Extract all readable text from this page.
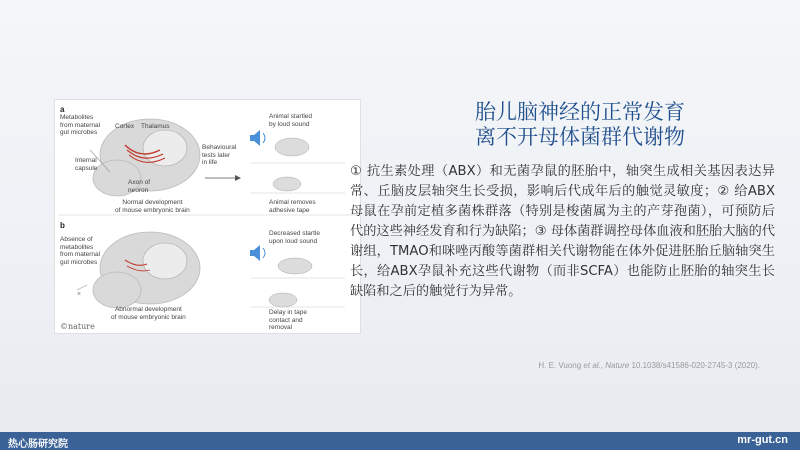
×
a
Metabolites
from maternal
gut microbes
Cortex Thalamus
Internal
capsule
Axon of
neuron
Normal development
of mouse embryonic brain
Behavioural
tests later
in life
Animal startled
by loud sound
Animal removes
adhesive tape
b
Absence of
metabolites
from maternal
gut microbes
Abnormal development
of mouse embryonic brain
Decreased startle
upon loud sound
Delay in tape
contact and
removal
©nature
胎儿脑神经的正常发育
离不开母体菌群代谢物
① 抗生素处理（ABX）和无菌孕鼠的胚胎中，轴突生成相关基因表达异常、丘脑皮层轴突生长受损，影响后代成年后的触觉灵敏度；② 给ABX母鼠在孕前定植多菌株群落（特别是梭菌属为主的产芽孢菌），可预防后代的这些神经发育和行为缺陷；③ 母体菌群调控母体血液和胚胎大脑的代谢组，TMAO和咪唑丙酸等菌群相关代谢物能在体外促进胚胎丘脑轴突生长，给ABX孕鼠补充这些代谢物（而非SCFA）也能防止胚胎的轴突生长缺陷和之后的触觉行为异常。
H. E. Vuong et al., Nature 10.1038/s41586-020-2745-3 (2020).
热心肠研究院	mr-gut.cn
